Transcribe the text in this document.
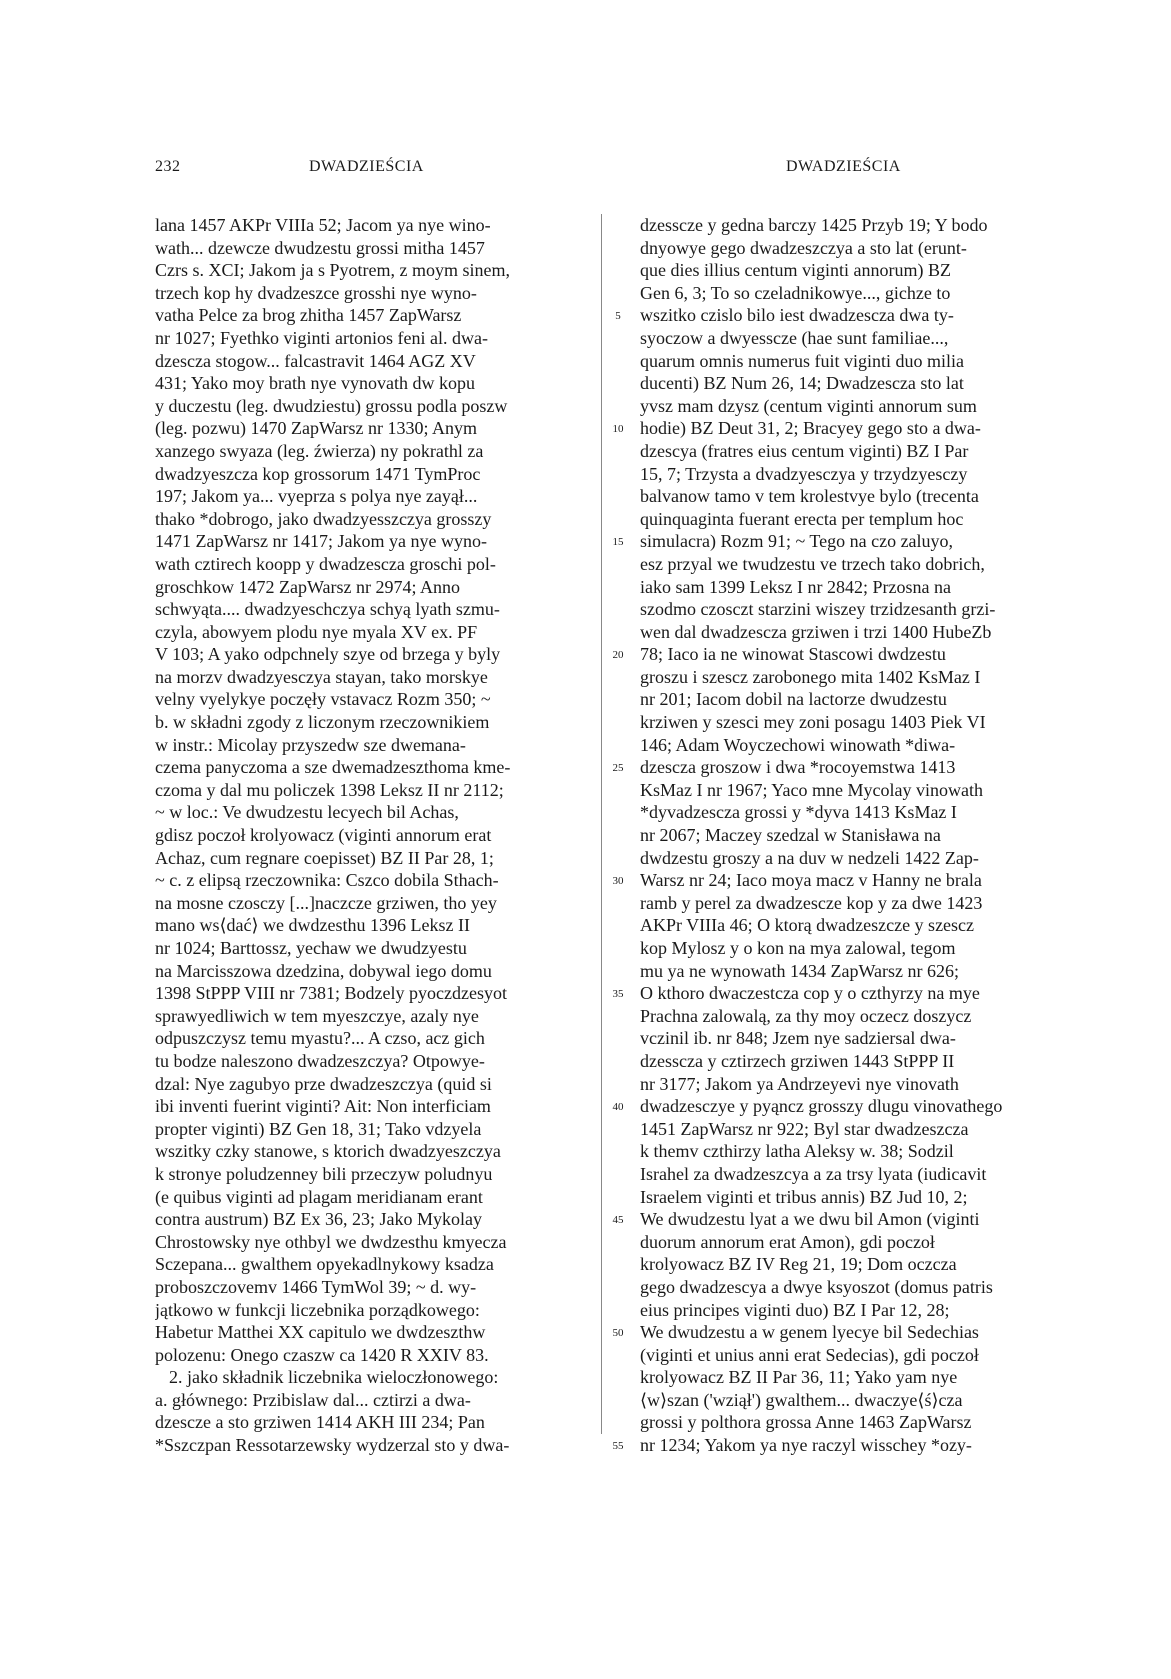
232	DWADZIEŚCIA	DWADZIEŚCIA
lana 1457 AKPr VIIIa 52; Jacom ya nye wino-
wath... dzewcze dwudzestu grossi mitha 1457
Czrs s. XCI; Jakom ja s Pyotrem, z moym sinem,
trzech kop hy dvadzeszce grosshi nye wyno-
vatha Pelce za brog zhitha 1457 ZapWarsz
nr 1027; Fyethko viginti artonios feni al. dwa-
dzescza stogow... falcastravit 1464 AGZ XV
431; Yako moy brath nye vynovath dw kopu
y duczestu (leg. dwudziestu) grossu podla poszw
(leg. pozwu) 1470 ZapWarsz nr 1330; Anym
xanzego swyaza (leg. źwierza) ny pokrathl za
dwadzyeszcza kop grossorum 1471 TymProc
197; Jakom ya... vyeprza s polya nye zayął...
thako *dobrogo, jako dwadzyesszczya grosszy
1471 ZapWarsz nr 1417; Jakom ya nye wyno-
wath cztirech koopp y dwadzescza groschi pol-
groschkow 1472 ZapWarsz nr 2974; Anno
schwyąta.... dwadzyeschczya schyą lyath szmu-
czyla, abowyem plodu nye myala XV ex. PF
V 103; A yako odpchnely szye od brzega y byly
na morzv dwadzyesczya stayan, tako morskye
velny vyelykye poczęły vstavacz Rozm 350; ~
b. w składni zgody z liczonym rzeczownikiem
w instr.: Micolay przyszedw sze dwemana-
czema panyczoma a sze dwemadzeszthoma kme-
czoma y dal mu policzek 1398 Leksz II nr 2112;
~ w loc.: Ve dwudzestu lecyech bil Achas,
gdisz poczoł krolyowacz (viginti annorum erat
Achaz, cum regnare coepisset) BZ II Par 28, 1;
~ c. z elipsą rzeczownika: Cszco dobila Sthach-
na mosne czosczy [...]naczcze grziwen, tho yey
mano ws⟨dać⟩ we dwdzesthu 1396 Leksz II
nr 1024; Barttossz, yechaw we dwudzyestu
na Marcisszowa dzedzina, dobywal iego domu
1398 StPPP VIII nr 7381; Bodzely pyoczdzesyot
sprawyedliwich w tem myeszczye, azaly nye
odpuszczysz temu myastu?... A czso, acz gich
tu bodze naleszono dwadzeszczya? Otpowye-
dzal: Nye zagubyo prze dwadzeszczya (quid si
ibi inventi fuerint viginti? Ait: Non interficiam
propter viginti) BZ Gen 18, 31; Tako vdzyela
wszitky czky stanowe, s ktorich dwadzyeszczya
k stronye poludzenney bili przeczyw poludnyu
(e quibus viginti ad plagam meridianam erant
contra austrum) BZ Ex 36, 23; Jako Mykolay
Chrostowsky nye othbyl we dwdzesthu kmyecza
Sczepana... gwalthem opyekadlnykowy ksadza
proboszczovemv 1466 TymWol 39; ~ d. wy-
jątkowo w funkcji liczebnika porządkowego:
Habetur Matthei XX capitulo we dwdzeszthw
polozenu: Onego czaszw ca 1420 R XXIV 83.
2. jako składnik liczebnika wieloczłonowego:
a. głównego: Przibislaw dal... cztirzi a dwa-
dzescze a sto grziwen 1414 AKH III 234; Pan
*Sszczpan Ressotarzewsky wydzerzal sto y dwa-
5
10
15
20
25
30
35
40
45
50
55
dzesscze y gedna barczy 1425 Przyb 19; Y bodo
dnyowye gego dwadzeszczya a sto lat (erunt-
que dies illius centum viginti annorum) BZ
Gen 6, 3; To so czeladnikowye..., gichze to
wszitko czislo bilo iest dwadzescza dwa ty-
syoczow a dwyesscze (hae sunt familiae...,
quarum omnis numerus fuit viginti duo milia
ducenti) BZ Num 26, 14; Dwadzescza sto lat
yvsz mam dzysz (centum viginti annorum sum
hodie) BZ Deut 31, 2; Bracyey gego sto a dwa-
dzescya (fratres eius centum viginti) BZ I Par
15, 7; Trzysta a dvadzyesczya y trzydzyesczy
balvanow tamo v tem krolestvye bylo (trecenta
quinquaginta fuerant erecta per templum hoc
simulacra) Rozm 91; ~ Tego na czo zaluyo,
esz przyal we twudzestu ve trzech tako dobrich,
iako sam 1399 Leksz I nr 2842; Przosna na
szodmo czosczt starzini wiszey trzidzesanth grzi-
wen dal dwadzescza grziwen i trzi 1400 HubeZb
78; Iaco ia ne winowat Stascowi dwdzestu
groszu i szescz zarobonego mita 1402 KsMaz I
nr 201; Iacom dobil na lactorze dwudzestu
krziwen y szesci mey zoni posagu 1403 Piek VI
146; Adam Woyczechowi winowath *diwa-
dzescza groszow i dwa *rocoyemstwa 1413
KsMaz I nr 1967; Yaco mne Mycolay vinowath
*dyvadzescza grossi y *dyva 1413 KsMaz I
nr 2067; Maczey szedzal w Stanisława na
dwdzestu groszy a na duv w nedzeli 1422 Zap-
Warsz nr 24; Iaco moya macz v Hanny ne brala
ramb y perel za dwadzescze kop y za dwe 1423
AKPr VIIIa 46; O ktorą dwadzeszcze y szescz
kop Mylosz y o kon na mya zalowal, tegom
mu ya ne wynowath 1434 ZapWarsz nr 626;
O kthoro dwaczestcza cop y o czthyrzy na mye
Prachna zalowalą, za thy moy oczecz doszycz
vczinil ib. nr 848; Jzem nye sadziersal dwa-
dzesscza y cztirzech grziwen 1443 StPPP II
nr 3177; Jakom ya Andrzeyevi nye vinovath
dwadzesczye y pyąncz grosszy dlugu vinovathego
1451 ZapWarsz nr 922; Byl star dwadzeszcza
k themv czthirzy latha Aleksy w. 38; Sodzil
Israhel za dwadzeszcya a za trsy lyata (iudicavit
Israelem viginti et tribus annis) BZ Jud 10, 2;
We dwudzestu lyat a we dwu bil Amon (viginti
duorum annorum erat Amon), gdi poczoł
krolyowacz BZ IV Reg 21, 19; Dom oczcza
gego dwadzescya a dwye ksyoszot (domus patris
eius principes viginti duo) BZ I Par 12, 28;
We dwudzestu a w genem lyecye bil Sedechias
(viginti et unius anni erat Sedecias), gdi poczoł
krolyowacz BZ II Par 36, 11; Yako yam nye
⟨w⟩szan ('wziął') gwalthem... dwaczye⟨ś⟩cza
grossi y polthora grossa Anne 1463 ZapWarsz
nr 1234; Yakom ya nye raczyl wisschey *ozy-
